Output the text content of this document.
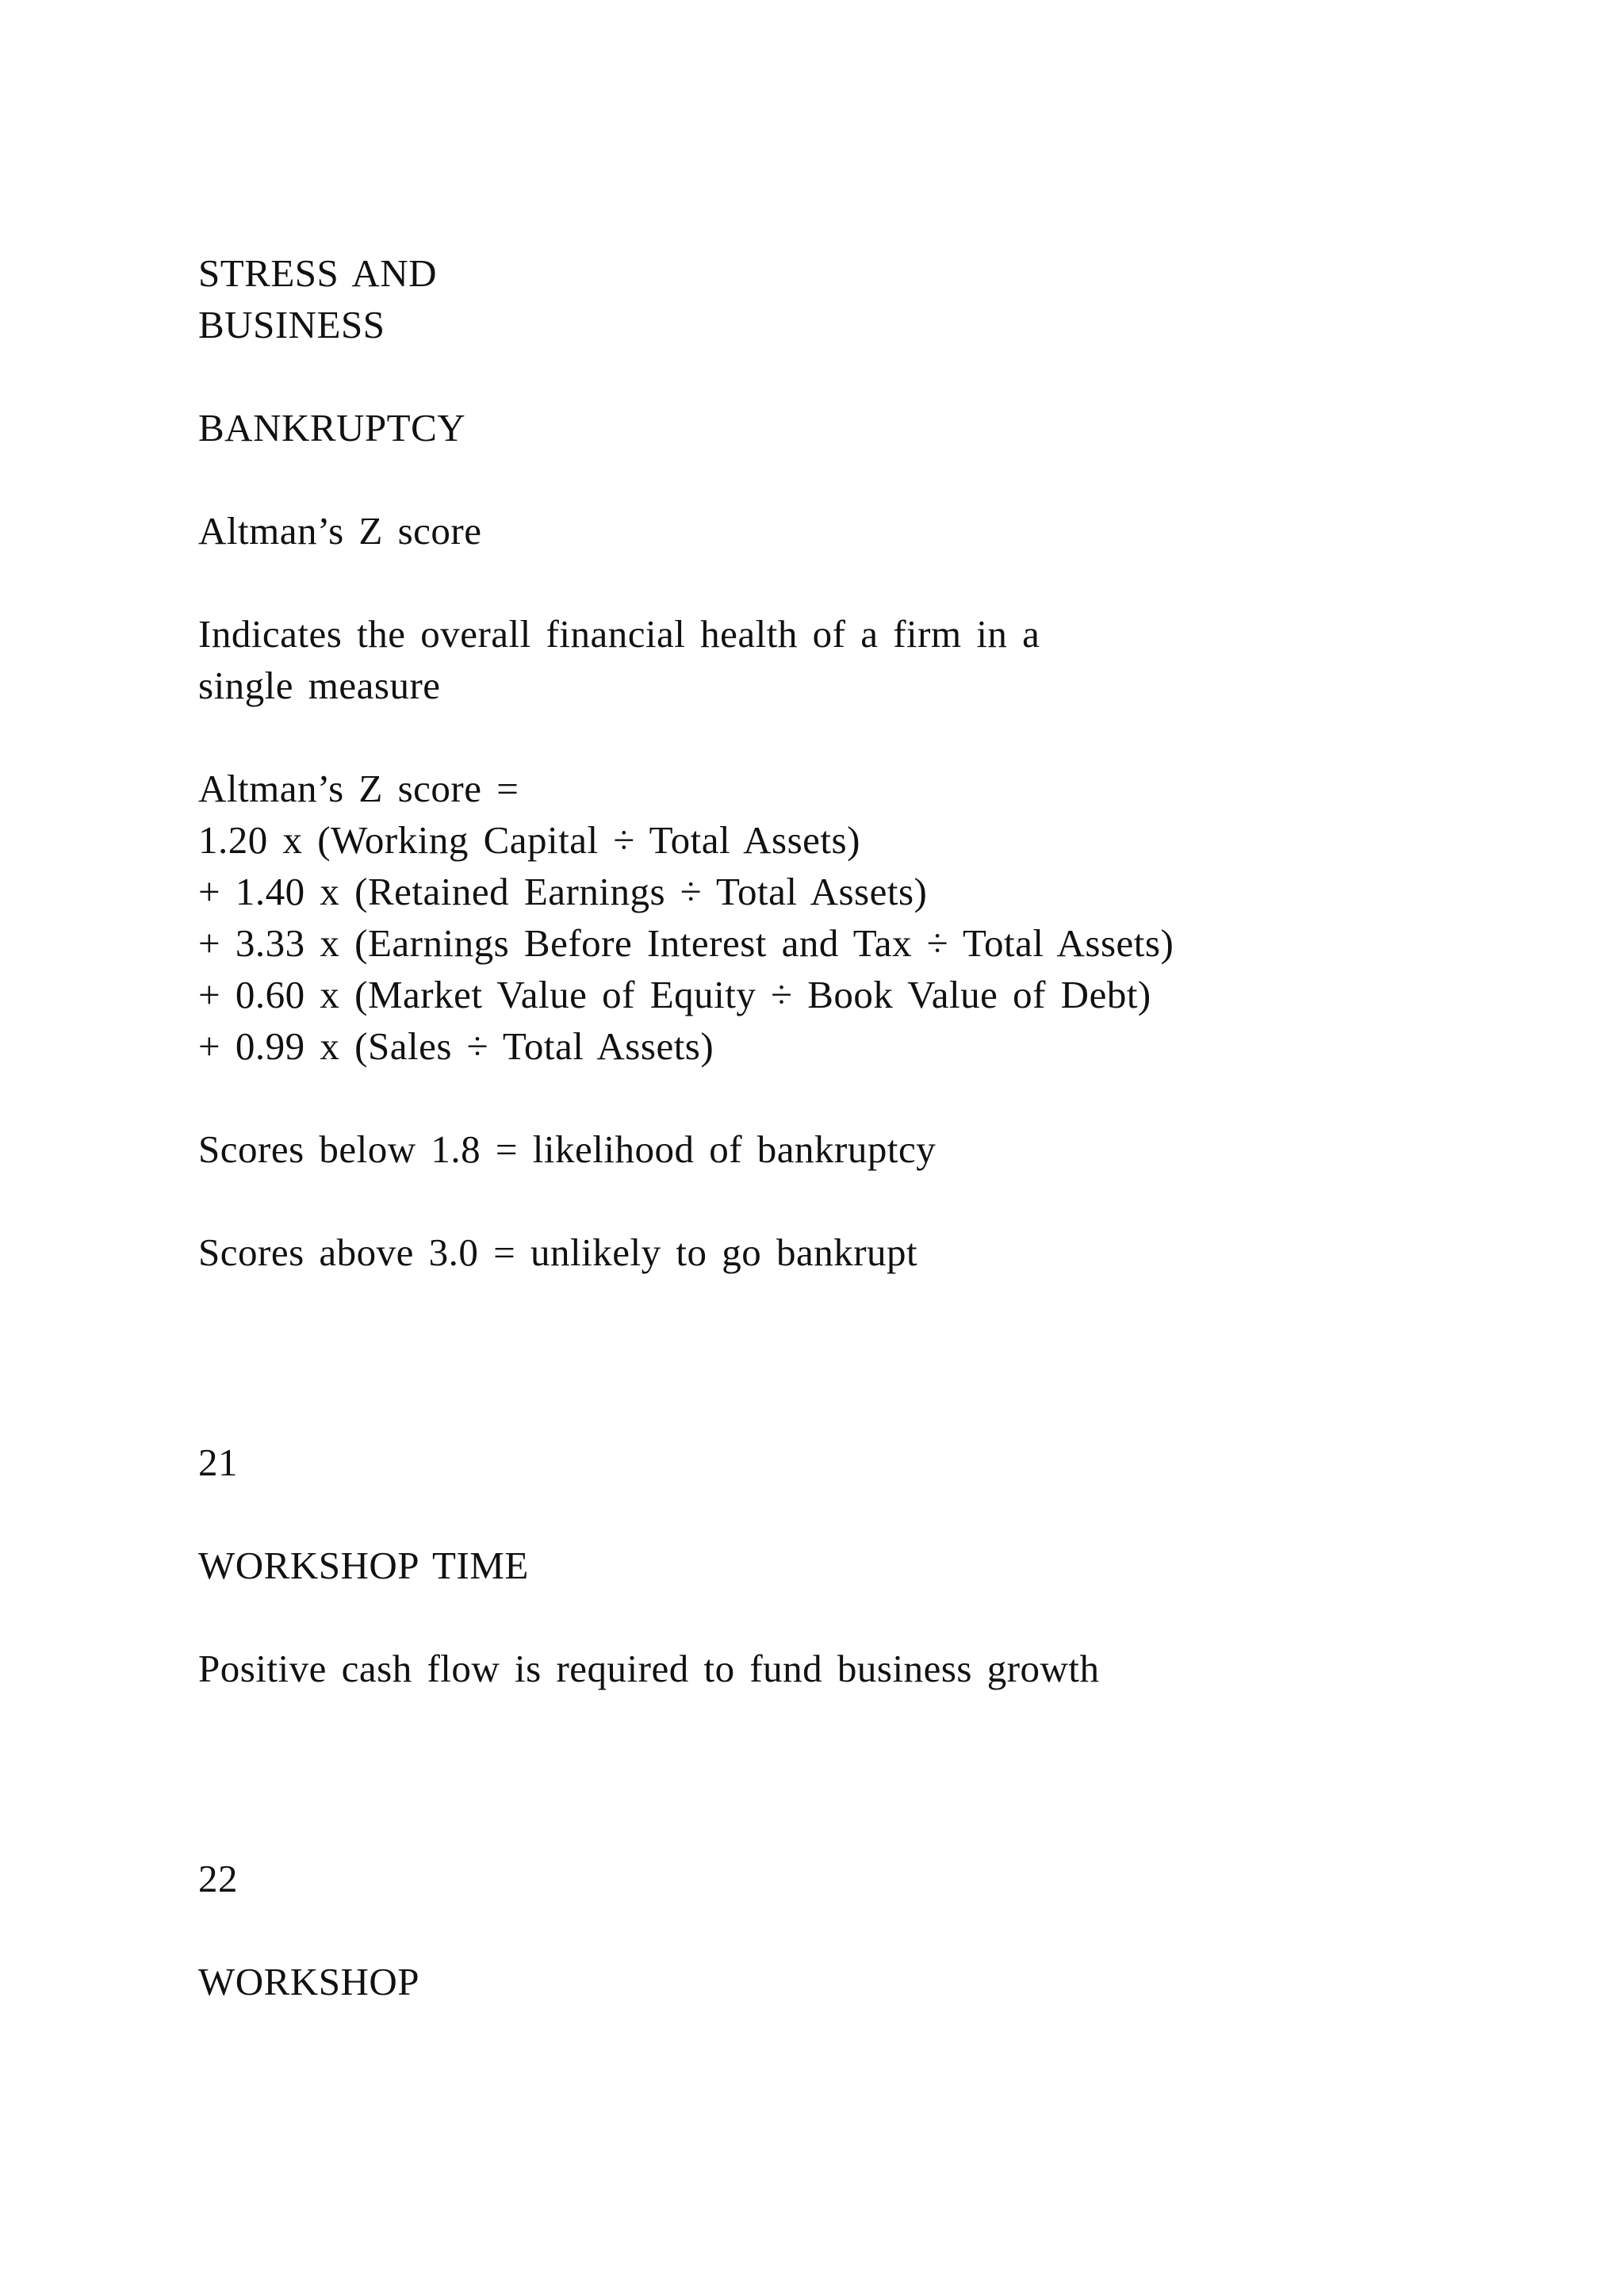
STRESS AND
BUSINESS
BANKRUPTCY
Altman’s Z score
Indicates the overall financial health of a firm in a
single measure
Altman’s Z score =
1.20 x (Working Capital ÷ Total Assets)
+ 1.40 x (Retained Earnings ÷ Total Assets)
+ 3.33 x (Earnings Before Interest and Tax ÷ Total Assets)
+ 0.60 x (Market Value of Equity ÷ Book Value of Debt)
+ 0.99 x (Sales ÷ Total Assets)
Scores below 1.8 = likelihood of bankruptcy
Scores above 3.0 = unlikely to go bankrupt
21
WORKSHOP TIME
Positive cash flow is required to fund business growth
22
WORKSHOP
